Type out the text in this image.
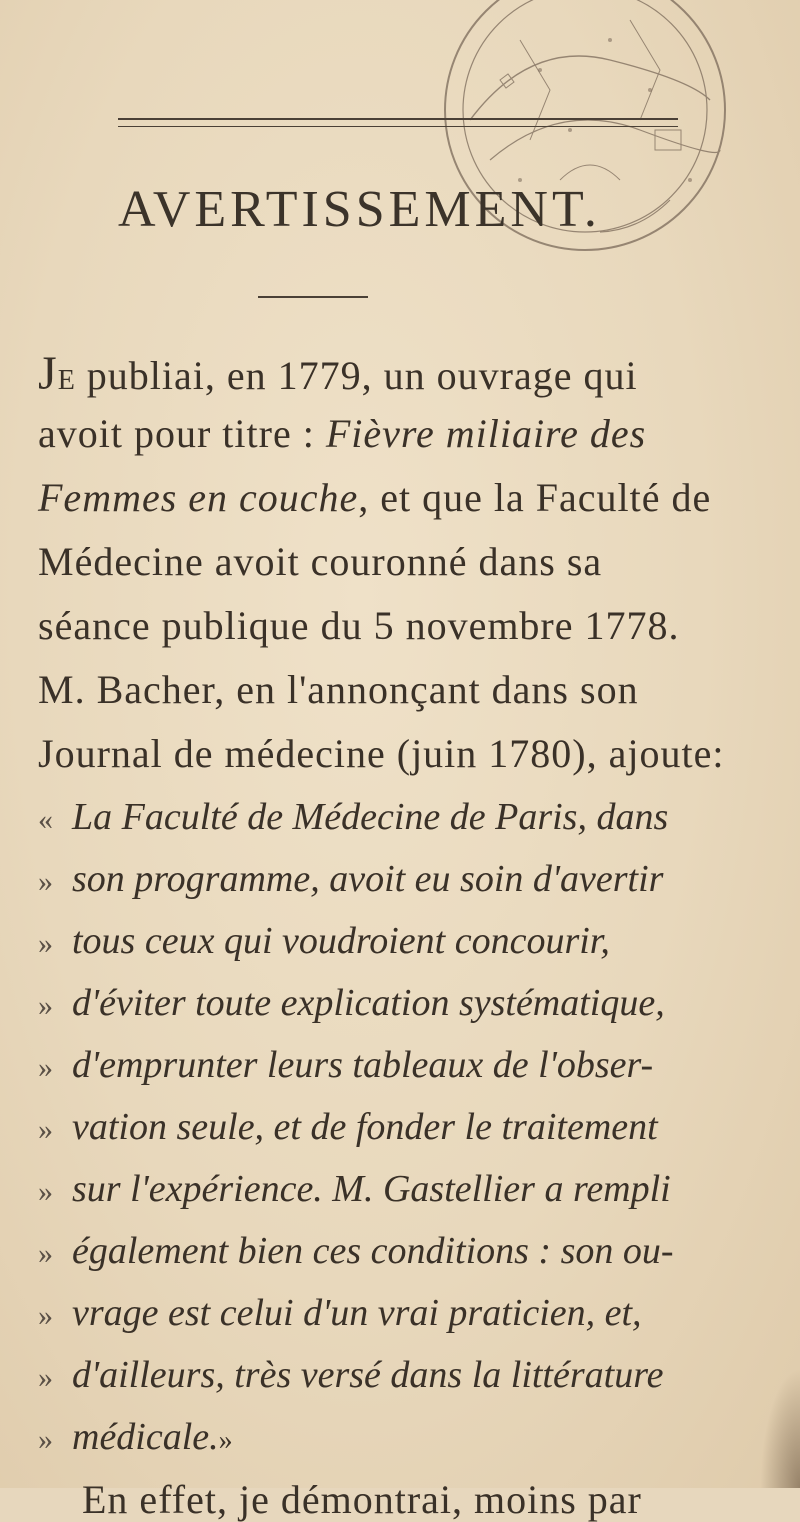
AVERTISSEMENT.
JE publiai, en 1779, un ouvrage qui
avoit pour titre : Fièvre miliaire des
Femmes en couche, et que la Faculté de
Médecine avoit couronné dans sa
séance publique du 5 novembre 1778.
M. Bacher, en l'annonçant dans son
Journal de médecine (juin 1780), ajoute:
« La Faculté de Médecine de Paris, dans
» son programme, avoit eu soin d'avertir
» tous ceux qui voudroient concourir,
» d'éviter toute explication systématique,
» d'emprunter leurs tableaux de l'obser-
» vation seule, et de fonder le traitement
» sur l'expérience. M. Gastellier a rempli
» également bien ces conditions : son ou-
» vrage est celui d'un vrai praticien, et,
» d'ailleurs, très versé dans la littérature
» médicale.»
En effet, je démontrai, moins par
